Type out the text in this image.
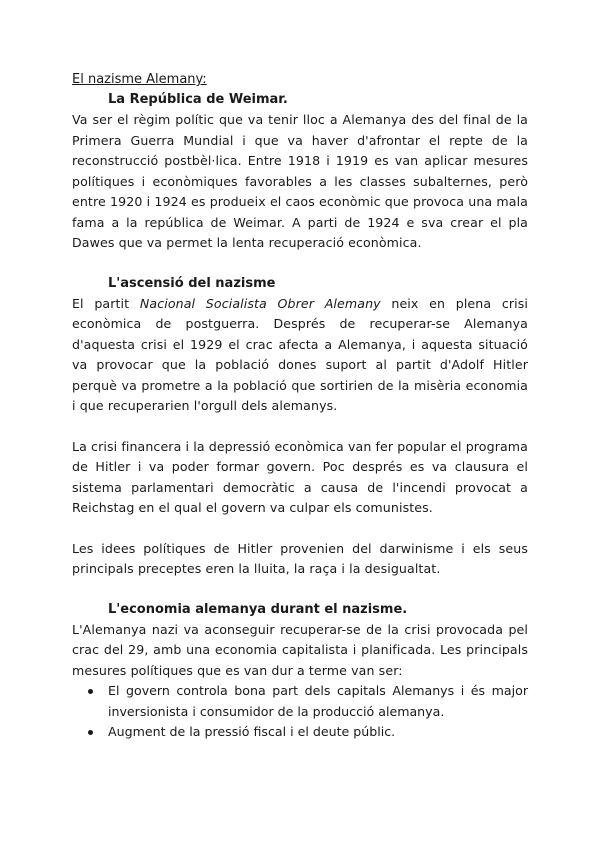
El nazisme Alemany:
La República de Weimar.

Va ser el règim polític que va tenir lloc a Alemanya des del final de la Primera Guerra Mundial i que va haver d'afrontar el repte de la reconstrucció postbèl·lica. Entre 1918 i 1919 es van aplicar mesures polítiques i econòmiques favorables a les classes subalternes, però entre 1920 i 1924 es produeix el caos econòmic que provoca una mala fama a la república de Weimar. A parti de 1924 e sva crear el pla Dawes que va permet la lenta recuperació econòmica.

L'ascensió del nazisme

El partit Nacional Socialista Obrer Alemany neix en plena crisi econòmica de postguerra. Després de recuperar-se Alemanya d'aquesta crisi el 1929 el crac afecta a Alemanya, i aquesta situació va provocar que la població dones suport al partit d'Adolf Hitler perquè va prometre a la població que sortirien de la misèria economia i que recuperarien l'orgull dels alemanys.

La crisi financera i la depressió econòmica van fer popular el programa de Hitler i va poder formar govern. Poc després es va clausura el sistema parlamentari democràtic a causa de l'incendi provocat a Reichstag en el qual el govern va culpar els comunistes.

Les idees polítiques de Hitler provenien del darwinisme i els seus principals preceptes eren la lluita, la raça i la desigualtat.

L'economia alemanya durant el nazisme.

L'Alemanya nazi va aconseguir recuperar-se de la crisi provocada pel crac del 29, amb una economia capitalista i planificada. Les principals mesures polítiques que es van dur a terme van ser:

El govern controla bona part dels capitals Alemanys i és major inversionista i consumidor de la producció alemanya.
Augment de la pressió fiscal i el deute públic.
